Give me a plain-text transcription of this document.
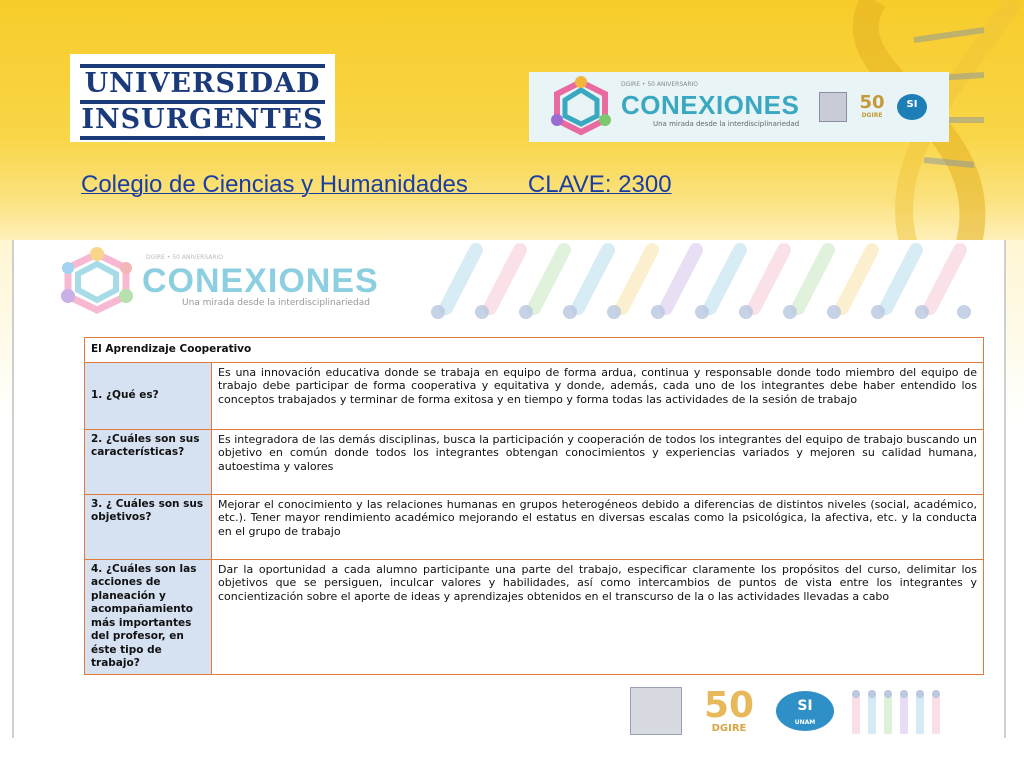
UNIVERSIDAD
INSURGENTES
DGIRE • 50 ANIVERSARIO
CONEXIONES
Una mirada desde la interdisciplinariedad
50
DGIRE
SI
Colegio de Ciencias y Humanidades         CLAVE: 2300
DGIRE • 50 ANIVERSARIO
CONEXIONES
Una mirada desde la interdisciplinariedad
El Aprendizaje Cooperativo	
1. ¿Qué es?	Es una innovación educativa donde se trabaja en equipo de forma ardua, continua y responsable donde todo miembro del equipo de trabajo debe participar de forma cooperativa y equitativa y donde, además, cada uno de los integrantes debe haber entendido los conceptos trabajados y terminar de forma exitosa y en tiempo y forma todas las actividades de la sesión de trabajo
2. ¿Cuáles son sus características?	Es integradora de las demás disciplinas, busca la participación y cooperación de todos los integrantes del equipo de trabajo buscando un objetivo en común donde todos los integrantes obtengan conocimientos y experiencias variados y mejoren su calidad humana, autoestima y valores
3. ¿ Cuáles son sus objetivos?	Mejorar el conocimiento y las relaciones humanas en grupos heterogéneos debido a diferencias de distintos niveles (social, académico, etc.). Tener mayor rendimiento académico mejorando el estatus en diversas escalas como la psicológica, la afectiva, etc. y la conducta en el grupo de trabajo
4. ¿Cuáles son las acciones de planeación y acompañamiento más importantes del profesor, en éste tipo de trabajo?	Dar la oportunidad a cada alumno participante una parte del trabajo, especificar claramente los propósitos del curso, delimitar los objetivos que se persiguen, inculcar valores y habilidades, así como intercambios de puntos de vista entre los integrantes y concientización sobre el aporte de ideas y aprendizajes obtenidos en el transcurso de la o las actividades llevadas a cabo
50
DGIRE
SI
UNAM
